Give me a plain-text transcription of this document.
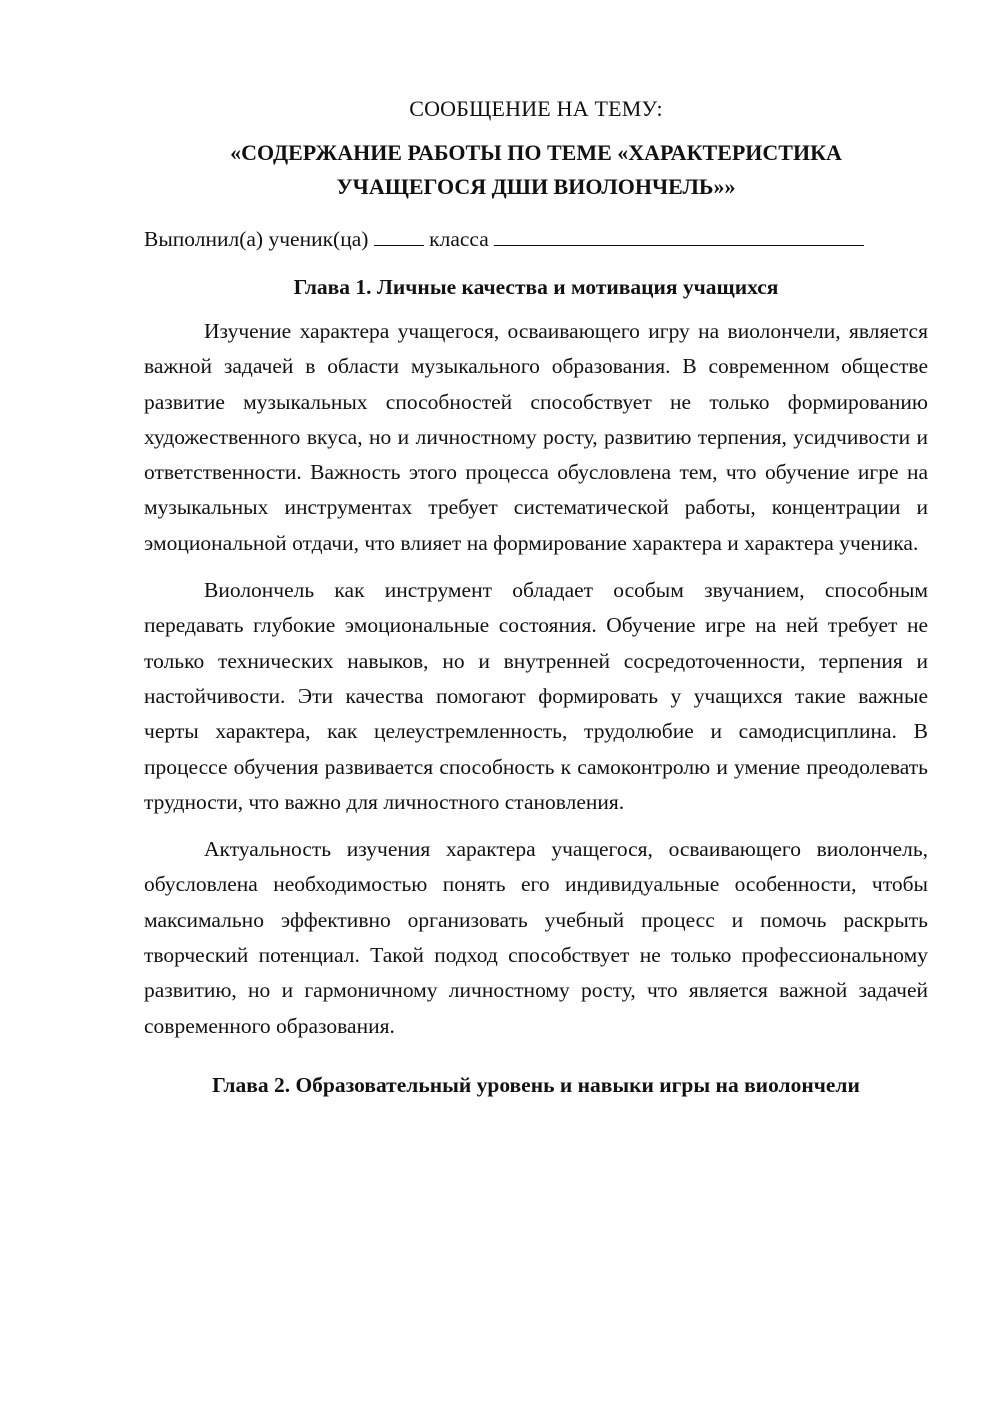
СООБЩЕНИЕ НА ТЕМУ:
«СОДЕРЖАНИЕ РАБОТЫ ПО ТЕМЕ «ХАРАКТЕРИСТИКА
УЧАЩЕГОСЯ ДШИ ВИОЛОНЧЕЛЬ»»
Выполнил(а) ученик(ца)	класса
Глава 1. Личные качества и мотивация учащихся

Изучение характера учащегося, осваивающего игру на виолончели, является важной задачей в области музыкального образования. В современном обществе развитие музыкальных способностей способствует не только формированию художественного вкуса, но и личностному росту, развитию терпения, усидчивости и ответственности. Важность этого процесса обусловлена тем, что обучение игре на музыкальных инструментах требует систематической работы, концентрации и эмоциональной отдачи, что влияет на формирование характера и характера ученика.

Виолончель как инструмент обладает особым звучанием, способным передавать глубокие эмоциональные состояния. Обучение игре на ней требует не только технических навыков, но и внутренней сосредоточенности, терпения и настойчивости. Эти качества помогают формировать у учащихся такие важные черты характера, как целеустремленность, трудолюбие и самодисциплина. В процессе обучения развивается способность к самоконтролю и умение преодолевать трудности, что важно для личностного становления.

Актуальность изучения характера учащегося, осваивающего виолончель, обусловлена необходимостью понять его индивидуальные особенности, чтобы максимально эффективно организовать учебный процесс и помочь раскрыть творческий потенциал. Такой подход способствует не только профессиональному развитию, но и гармоничному личностному росту, что является важной задачей современного образования.

Глава 2. Образовательный уровень и навыки игры на виолончели
